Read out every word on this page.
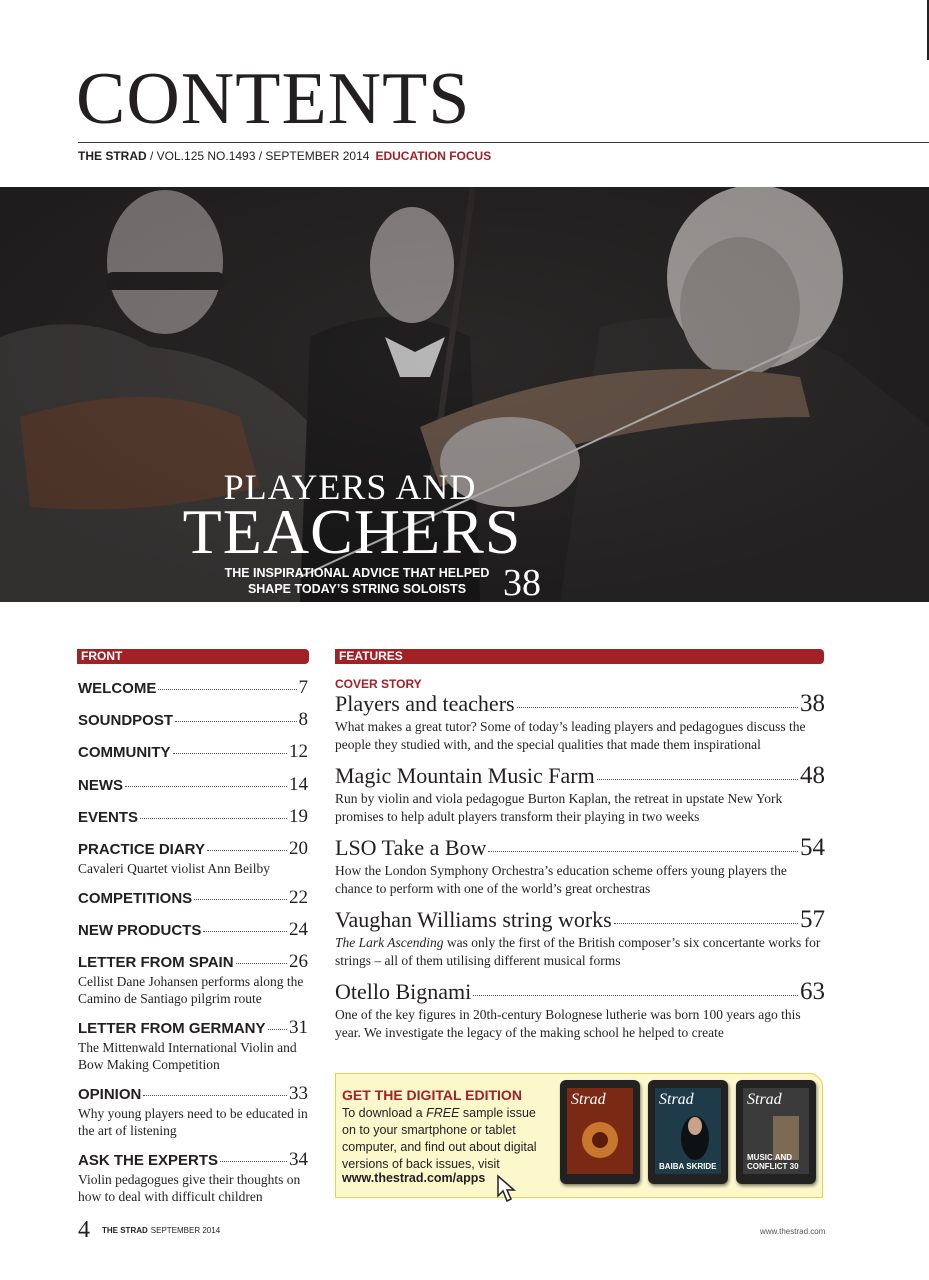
CONTENTS
THE STRAD / VOL.125 NO.1493 / SEPTEMBER 2014 EDUCATION FOCUS
PLAYERS AND
TEACHERS
THE INSPIRATIONAL ADVICE THAT HELPED
SHAPE TODAY’S STRING SOLOISTS 38
FRONT
WELCOME	7
SOUNDPOST	8
COMMUNITY	12
NEWS	14
EVENTS	19
PRACTICE DIARY	20
Cavaleri Quartet violist Ann Beilby
COMPETITIONS	22
NEW PRODUCTS	24
LETTER FROM SPAIN	26
Cellist Dane Johansen performs along the Camino de Santiago pilgrim route
LETTER FROM GERMANY 31
The Mittenwald International Violin and Bow Making Competition
OPINION	33
Why young players need to be educated in the art of listening
ASK THE EXPERTS	34
Violin pedagogues give their thoughts on how to deal with difficult children
FEATURES
COVER STORY
Players and teachers	38
What makes a great tutor? Some of today’s leading players and pedagogues discuss the people they studied with, and the special qualities that made them inspirational
Magic Mountain Music Farm	48
Run by violin and viola pedagogue Burton Kaplan, the retreat in upstate New York promises to help adult players transform their playing in two weeks
LSO Take a Bow	54
How the London Symphony Orchestra’s education scheme offers young players the chance to perform with one of the world’s great orchestras
Vaughan Williams string works	57
The Lark Ascending was only the first of the British composer’s six concertante works for strings – all of them utilising different musical forms
Otello Bignami	63
One of the key figures in 20th-century Bolognese lutherie was born 100 years ago this year. We investigate the legacy of the making school he helped to create
GET THE DIGITAL EDITION
To download a FREE sample issue on to your smartphone or tablet computer, and find out about digital versions of back issues, visit
www.thestrad.com/apps
Strad	Strad
BAIBA SKRIDE
Strad
MUSIC AND CONFLICT 30
4 THE STRAD SEPTEMBER 2014	www.thestrad.com
